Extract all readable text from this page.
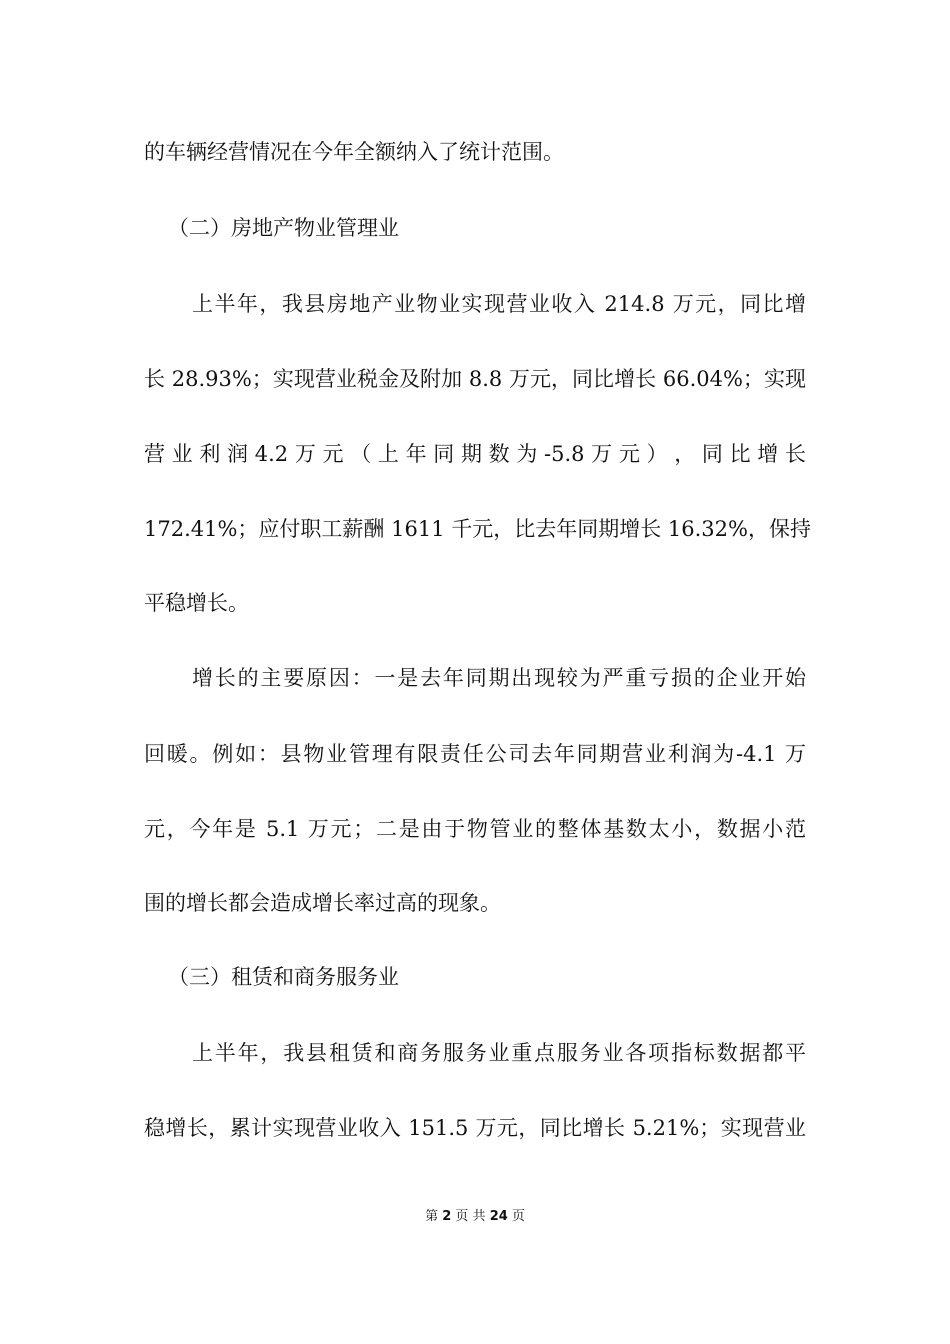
的车辆经营情况在今年全额纳入了统计范围。
（二）房地产物业管理业
上半年，我县房地产业物业实现营业收入 214.8 万元，同比增
长 28.93%；实现营业税金及附加 8.8 万元，同比增长 66.04%；实现
营 业 利 润 4.2 万 元 （ 上 年 同 期 数 为 -5.8 万 元 ） ， 同 比 增 长
172.41%；应付职工薪酬 1611 千元，比去年同期增长 16.32%，保持
平稳增长。
增长的主要原因：一是去年同期出现较为严重亏损的企业开始
回暖。例如：县物业管理有限责任公司去年同期营业利润为-4.1 万
元，今年是 5.1 万元；二是由于物管业的整体基数太小，数据小范
围的增长都会造成增长率过高的现象。
（三）租赁和商务服务业
上半年，我县租赁和商务服务业重点服务业各项指标数据都平
稳增长，累计实现营业收入 151.5 万元，同比增长 5.21%；实现营业
第 2 页 共 24 页
